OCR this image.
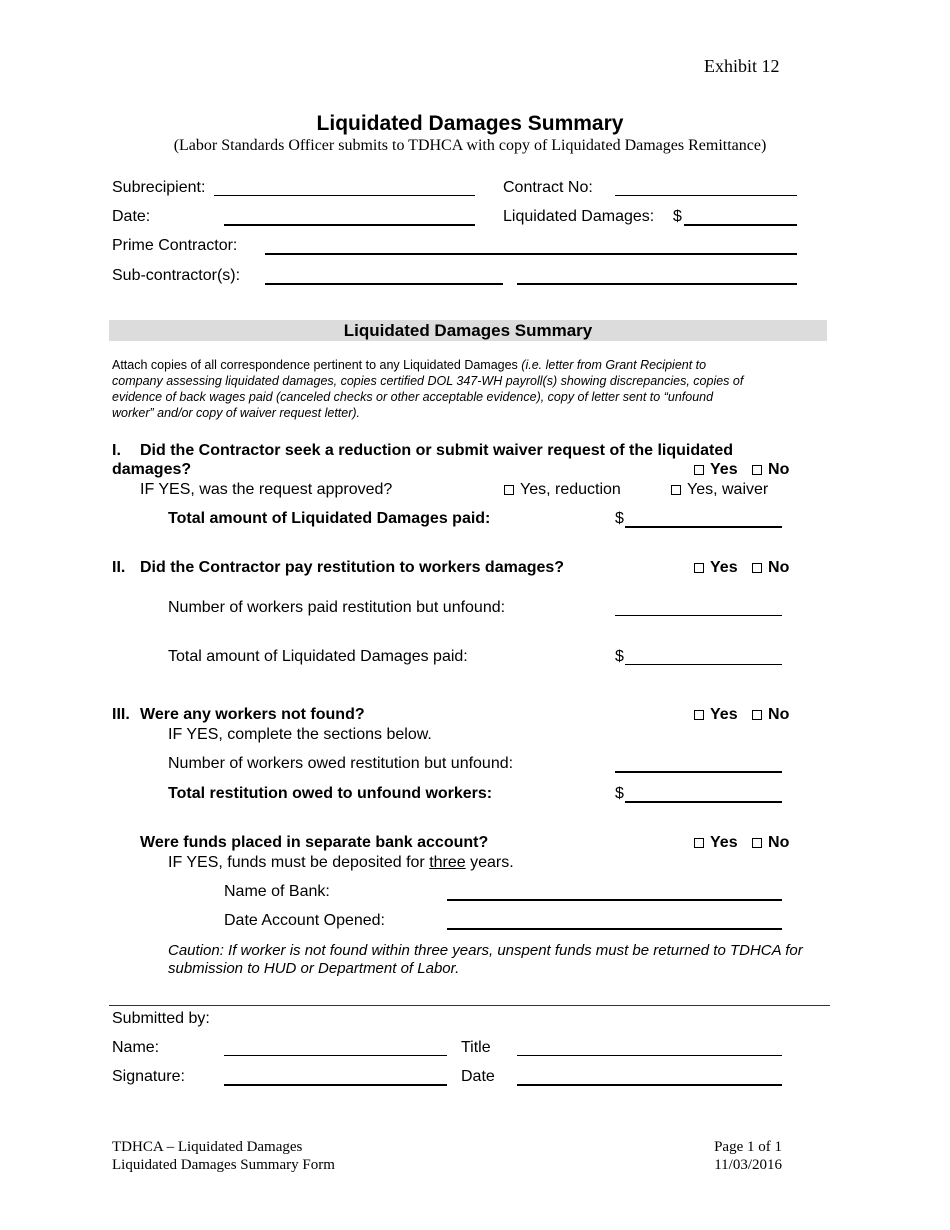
Exhibit 12
Liquidated Damages Summary
(Labor Standards Officer submits to TDHCA with copy of Liquidated Damages Remittance)
Subrecipient:	Contract No:
Date:	Liquidated Damages: $
Prime Contractor:
Sub-contractor(s):
Liquidated Damages Summary
Attach copies of all correspondence pertinent to any Liquidated Damages (i.e. letter from Grant Recipient to
company assessing liquidated damages, copies certified DOL 347-WH payroll(s) showing discrepancies, copies of
evidence of back wages paid (canceled checks or other acceptable evidence), copy of letter sent to “unfound
worker” and/or copy of waiver request letter).
I. Did the Contractor seek a reduction or submit waiver request of the liquidated
damages?	Yes No
IF YES, was the request approved?	Yes, reduction	Yes, waiver
Total amount of Liquidated Damages paid:	$
II. Did the Contractor pay restitution to workers damages?	Yes No
Number of workers paid restitution but unfound:
Total amount of Liquidated Damages paid:	$
III. Were any workers not found?	Yes No
IF YES, complete the sections below.
Number of workers owed restitution but unfound:
Total restitution owed to unfound workers:	$
Were funds placed in separate bank account?	Yes No
IF YES, funds must be deposited for three years.
Name of Bank:
Date Account Opened:
Caution: If worker is not found within three years, unspent funds must be returned to TDHCA for
submission to HUD or Department of Labor.
Submitted by:
Name:	Title
Signature:	Date
TDHCA – Liquidated Damages
Liquidated Damages Summary Form
Page 1 of 1
11/03/2016
